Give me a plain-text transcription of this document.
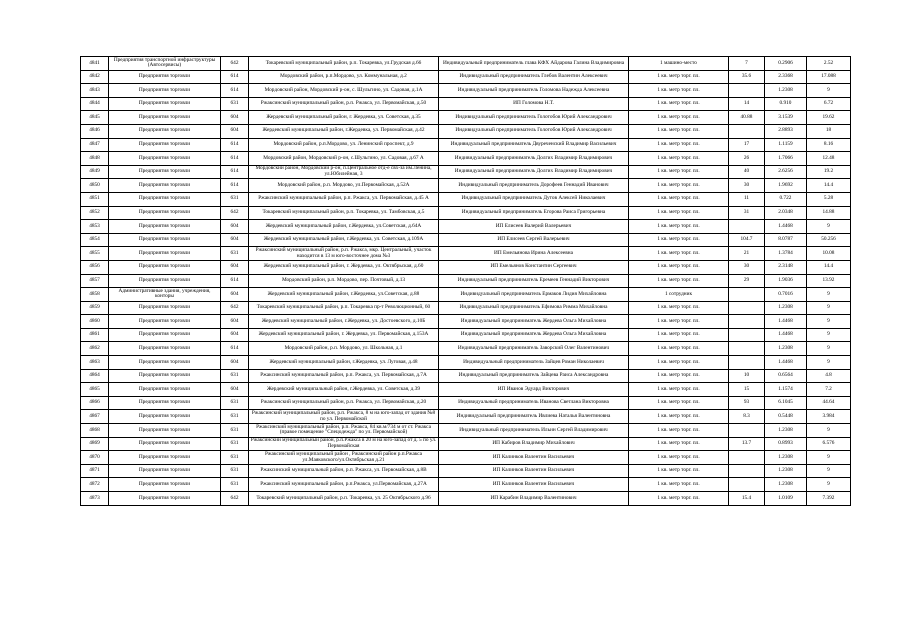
4841	Предприятия транспортной инфраструктуры (Автосервисы)	642	Токаревский муниципальный район, р.п. Токаревка, ул.Грудская д.66	Индивидуальный предприниматель глава КФХ Айдарова Галина Владимировна	1 машино-место	7	0.2906	2.52
4842	Предприятия торговли	614	Мордовский район, р.п.Мордово, ул. Коммунальная, д.2	Индивидуальный предприниматель Глебов Валентин Алексеевич	1 кв. метр торг. пл.	35.6	2.3368	17.088
4843	Предприятия торговли	614	Мордовский район, Мордовский р-он, с. Шульгино, ул. Садовая, д.1А	Индивидуальный предприниматель Голомова Надежда Алексеевна	1 кв. метр торг. пл.		1.2308	9
4844	Предприятия торговли	631	Ржаксинский муниципальный район, р.п. Ржакса, ул. Первомайская, д.50	ИП Голомова Н.Т.	1 кв. метр торг. пл.	14	0.910	6.72
4845	Предприятия торговли	604	Жердевский муниципальный район, г. Жердевка, ул. Советская, д.35	Индивидуальный предприниматель Голотобов Юрий Александрович	1 кв. метр торг. пл.	40.88	3.1539	19.62
4846	Предприятия торговли	604	Жердевский муниципальный район, г.Жердевка, ул. Первомайская, д.42	Индивидуальный предприниматель Голотобов Юрий Александрович	1 кв. метр торг. пл.		2.8893	18
4847	Предприятия торговли	614	Мордовский район, р.п.Мордово, ул. Ленинский проспект, д.9	Индивидуальный предприниматель Двуреченский Владимир Васильевич	1 кв. метр торг. пл.	17	1.1159	8.16
4848	Предприятия торговли	614	Мордовский район, Мордовский р-он, с.Шульгино, ул. Садовая, д.67 А	Индивидуальный предприниматель Долгих Владимир Владимирович	1 кв. метр торг. пл.	26	1.7066	12.48
4849	Предприятия торговли	614	Мордовский район, Мордовский р-он, п.Центральное отд-е свх-за им.Ленина, ул.Юбилейная, 3	Индивидуальный предприниматель Долгих Владимир Владимирович	1 кв. метр торг. пл.	40	2.6256	19.2
4850	Предприятия торговли	614	Мордовский район, р.п. Мордово, ул.Первомайская, д.52А	Индивидуальный предприниматель Дорофеев Геннадий Иванович	1 кв. метр торг. пл.	30	1.9692	14.4
4851	Предприятия торговли	631	Ржаксинский муниципальный район, р.п. Ржакса, ул. Первомайская, д.45 А	Индивидуальный предприниматель Дутов Алексей Николаевич	1 кв. метр торг. пл.	11	0.722	5.28
4852	Предприятия торговли	642	Токаревский муниципальный район, р.п. Токаревка, ул. Тамбовская, д.5	Индивидуальный предприниматель Егорова Раиса Григорьевна	1 кв. метр торг. пл.	31	2.0348	14.88
4853	Предприятия торговли	604	Жердевский муниципальный район, г.Жердевка, ул.Советская, д.64А	ИП Елисеев Валерий Валерьевич	1 кв. метр торг. пл.		1.4468	9
4854	Предприятия торговли	604	Жердевский муниципальный район, г.Жердевка, ул. Советская, д.109А	ИП Елисеев Сергей Валерьевич	1 кв. метр торг. пл.	104.7	8.0787	50.256
4855	Предприятия торговли	631	Ржаксинский муниципальный район, р.п. Ржакса, мкр. Центральный, участок находится в 13 м юго-восточнее дома №3	ИП Емельянова Ирина Алексеевна	1 кв. метр торг. пл.	21	1.3784	10.08
4856	Предприятия торговли	604	Жердевский муниципальный район, г. Жердевка, ул. Октябрьская, д.60	ИП Емельянов Константин Сергеевич	1 кв. метр торг. пл.	30	2.3148	14.4
4857	Предприятия торговли	614	Мордовский район, р.п. Мордово, пер. Почтовый, д.13	Индивидуальный предприниматель Еремеев Геннадий Викторович	1 кв. метр торг. пл.	29	1.9036	13.92
4858	Административные здания, учреждения, конторы	604	Жердевский муниципальный район, г.Жердевка, ул.Советская, д.88	Индивидуальный предприниматель Ермаков Лидия Михайловна	1 сотрудник		0.7016	9
4859	Предприятия торговли	642	Токаревский муниципальный район, р.п. Токаревка пр-т Революционный, 60	Индивидуальный предприниматель Ефимова Римма Михайловна	1 кв. метр торг. пл.		1.2308	9
4860	Предприятия торговли	604	Жердевский муниципальный район, г.Жердевка, ул. Достоевского, д.10Б	Индивидуальный предприниматель Жердева Ольга Михайловна	1 кв. метр торг. пл.		1.4468	9
4861	Предприятия торговли	604	Жердевский муниципальный район, г. Жердевка, ул. Первомайская, д.153А	Индивидуальный предприниматель Жердева Ольга Михайловна	1 кв. метр торг. пл.		1.4468	9
4862	Предприятия торговли	614	Мордовский район, р.п. Мордово, ул. Школьная, д.1	Индивидуальный предприниматель Заворский Олег Валентинович	1 кв. метр торг. пл.		1.2308	9
4863	Предприятия торговли	604	Жердевский муниципальный район, г.Жердевка, ул. Луговая, д.48	Индивидуальный предприниматель Зайцев Роман Николаевич	1 кв. метр торг. пл.		1.4468	9
4864	Предприятия торговли	631	Ржаксинский муниципальный район, р.п. Ржакса, ул. Первомайская, д.7А	Индивидуальный предприниматель Зайцева Раиса Александровна	1 кв. метр торг. пл.	10	0.6564	4.8
4865	Предприятия торговли	604	Жердевский муниципальный район, г.Жердевка, ул. Советская, д.39	ИП Иванов Эдуард Викторович	1 кв. метр торг. пл.	15	1.1574	7.2
4866	Предприятия торговли	631	Ржаксинский муниципальный район, р.п. Ржакса, ул. Первомайская, д.20	Индивидуальный предприниматель Иванова Светлана Викторовна	1 кв. метр торг. пл.	93	6.1045	44.64
4867	Предприятия торговли	631	Ржаксинский муниципальный район, р.п. Ржакса, 8 м на юго-запад от здания №8 по ул. Первомайской	Индивидуальный предприниматель Ивлиева Наталья Валентиновна	1 кв. метр торг. пл.	8.3	0.5448	3.984
4868	Предприятия торговли	631	Ржаксинский муниципальный район, р.п. Ржакса, 84 кв.м/734 м от ст. Ржакса (правое помещение "Спецодежда" по ул. Первомайской)	Индивидуальный предприниматель Ильин Сергей Владимирович	1 кв. метр торг. пл.		1.2308	9
4869	Предприятия торговли	631	Ржаксинский муниципальный район, р.п.Ржакса в 20 м на юго-запад от д. 5 по ул. Первомайская	ИП Кабиров Владимир Михайлович	1 кв. метр торг. пл.	13.7	0.8993	6.576
4870	Предприятия торговли	631	Ржаксинский муниципальный район , Ржаксинский район р.п.Ржакса ул.Маяковского/ул.Октябрьская д.21	ИП Калинков Валентин Васильевич	1 кв. метр торг. пл.		1.2308	9
4871	Предприятия торговли	631	Ржаксинский муниципальный район, р.п. Ржакса, ул. Первомайская, д.8В	ИП Калинков Валентин Васильевич	1 кв. метр торг. пл.		1.2308	9
4872	Предприятия торговли	631	Ржаксинский муниципальный район, р.п.Ржакса, ул.Первомайская, д.27А	ИП Калинков Валентин Васильевич	1 кв. метр торг. пл.		1.2308	9
4873	Предприятия торговли	642	Токаревский муниципальный район, р.п. Токаревка, ул. 25 Октябрьского д.96	ИП Карабин Владимир Валентинович	1 кв. метр торг. пл.	15.4	1.0109	7.392
